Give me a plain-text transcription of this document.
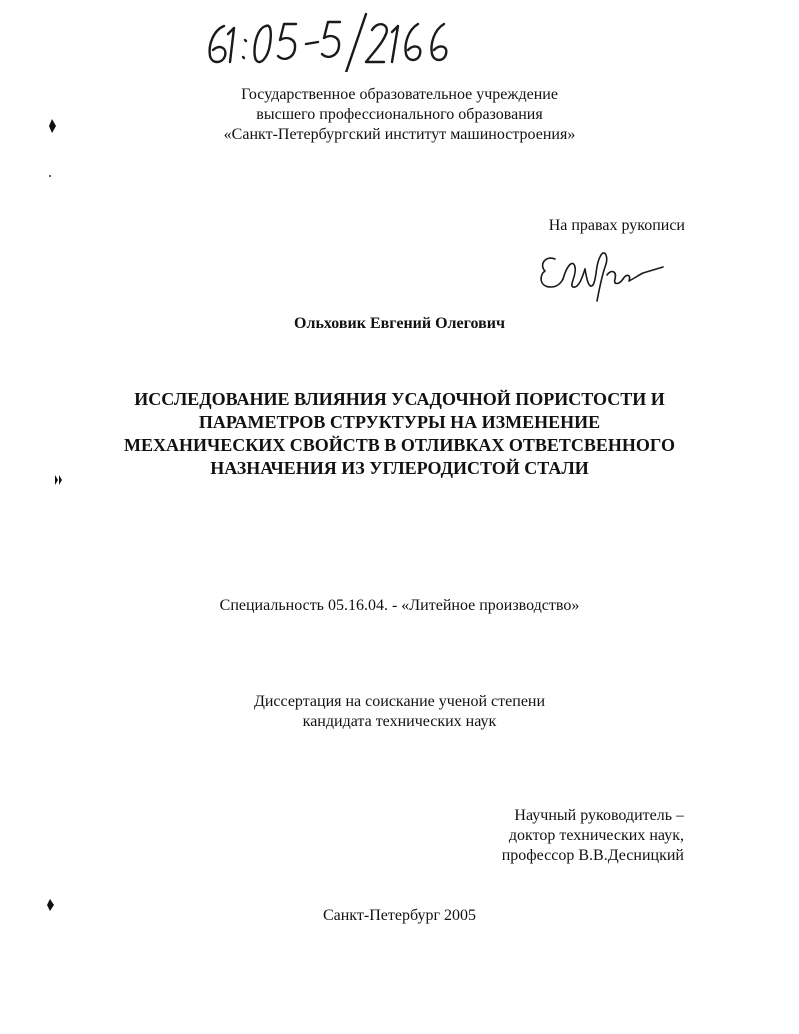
61: 05-5/2166
Государственное образовательное учреждение
высшего профессионального образования
«Санкт-Петербургский институт машиностроения»
На правах рукописи
Ельхов
Ольховик Евгений Олегович
ИССЛЕДОВАНИЕ ВЛИЯНИЯ УСАДОЧНОЙ ПОРИСТОСТИ И
ПАРАМЕТРОВ СТРУКТУРЫ НА ИЗМЕНЕНИЕ
МЕХАНИЧЕСКИХ СВОЙСТВ В ОТЛИВКАХ ОТВЕТСВЕННОГО
НАЗНАЧЕНИЯ ИЗ УГЛЕРОДИСТОЙ СТАЛИ
Специальность 05.16.04. - «Литейное производство»
Диссертация на соискание ученой степени
кандидата технических наук
Научный руководитель –
доктор технических наук,
профессор В.В.Десницкий
Санкт-Петербург 2005
